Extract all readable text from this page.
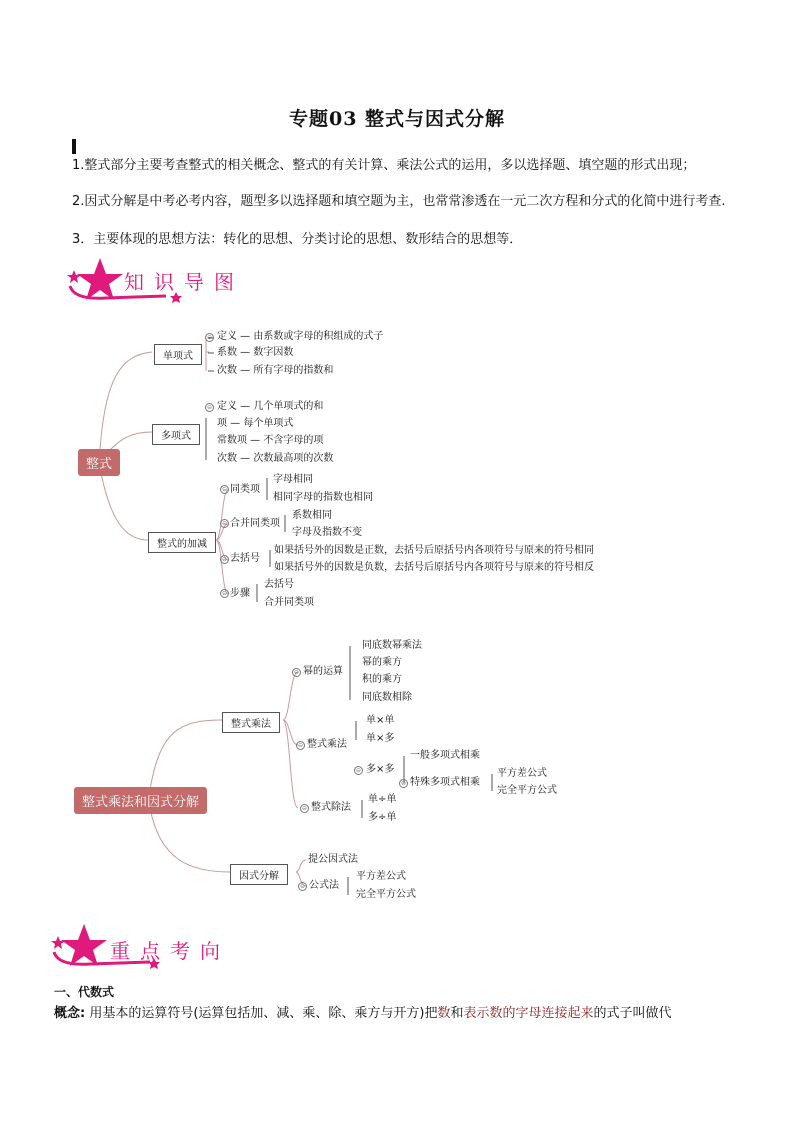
专题03 整式与因式分解
1.整式部分主要考查整式的相关概念、整式的有关计算、乘法公式的运用，多以选择题、填空题的形式出现；
2.因式分解是中考必考内容，题型多以选择题和填空题为主，也常常渗透在一元二次方程和分式的化简中进行考查.
3．主要体现的思想方法：转化的思想、分类讨论的思想、数形结合的思想等．
知识导图
整式
单项式
⊖ 定义 — 由系数或字母的积组成的式子
系数 — 数字因数
次数 — 所有字母的指数和
多项式
⊖ 定义 — 几个单项式的和
项 — 每个单项式
常数项 — 不含字母的项
次数 — 次数最高项的次数
整式的加减
⊖ 同类项
字母相同
相同字母的指数也相同
⊖ 合并同类项
系数相同
字母及指数不变
⊖ 去括号
如果括号外的因数是正数，去括号后原括号内各项符号与原来的符号相同
如果括号外的因数是负数，去括号后原括号内各项符号与原来的符号相反
⊖ 步骤
去括号
合并同类项
整式乘法和因式分解
整式乘法
⊖ 幂的运算
同底数幂乘法
幂的乘方
积的乘方
同底数相除
⊖ 整式乘法
单×单
单×多
⊖ 多×多
一般多项式相乘
⊖ 特殊多项式相乘
平方差公式
完全平方公式
⊖ 整式除法
单÷单
多÷单
因式分解
提公因式法
⊖ 公式法
平方差公式
完全平方公式
重点考向
一、代数式
概念: 用基本的运算符号(运算包括加、减、乘、除、乘方与开方)把数和表示数的字母连接起来的式子叫做代
